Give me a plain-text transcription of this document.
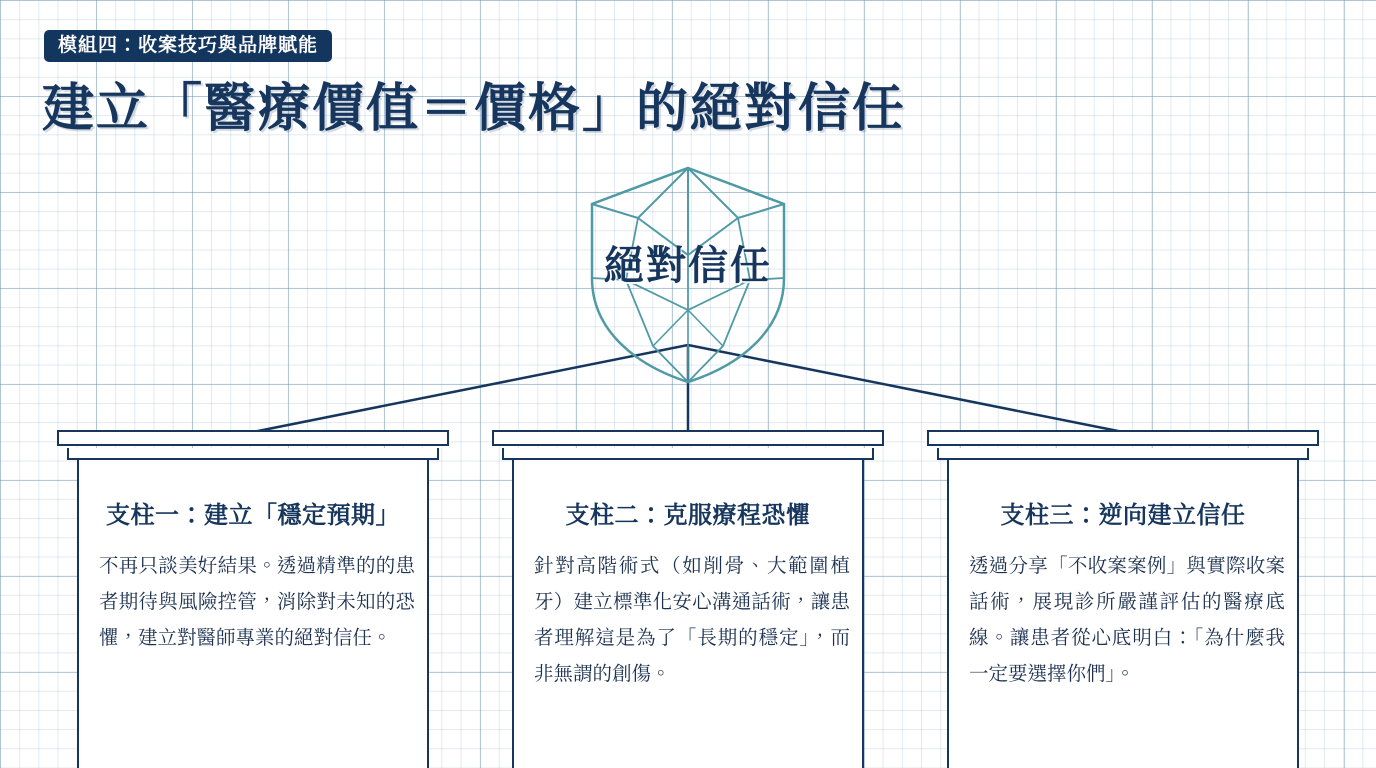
模組四：收案技巧與品牌賦能
建立「醫療價值＝價格」的絕對信任
絕對信任
支柱一：建立「穩定預期」
不再只談美好結果。透過精準的的患者期待與風險控管，消除對未知的恐懼，建立對醫師專業的絕對信任。
支柱二：克服療程恐懼
針對高階術式（如削骨、大範圍植牙）建立標準化安心溝通話術，讓患者理解這是為了「長期的穩定」，而非無謂的創傷。
支柱三：逆向建立信任
透過分享「不收案案例」與實際收案話術，展現診所嚴謹評估的醫療底線。讓患者從心底明白：「為什麼我一定要選擇你們」。
